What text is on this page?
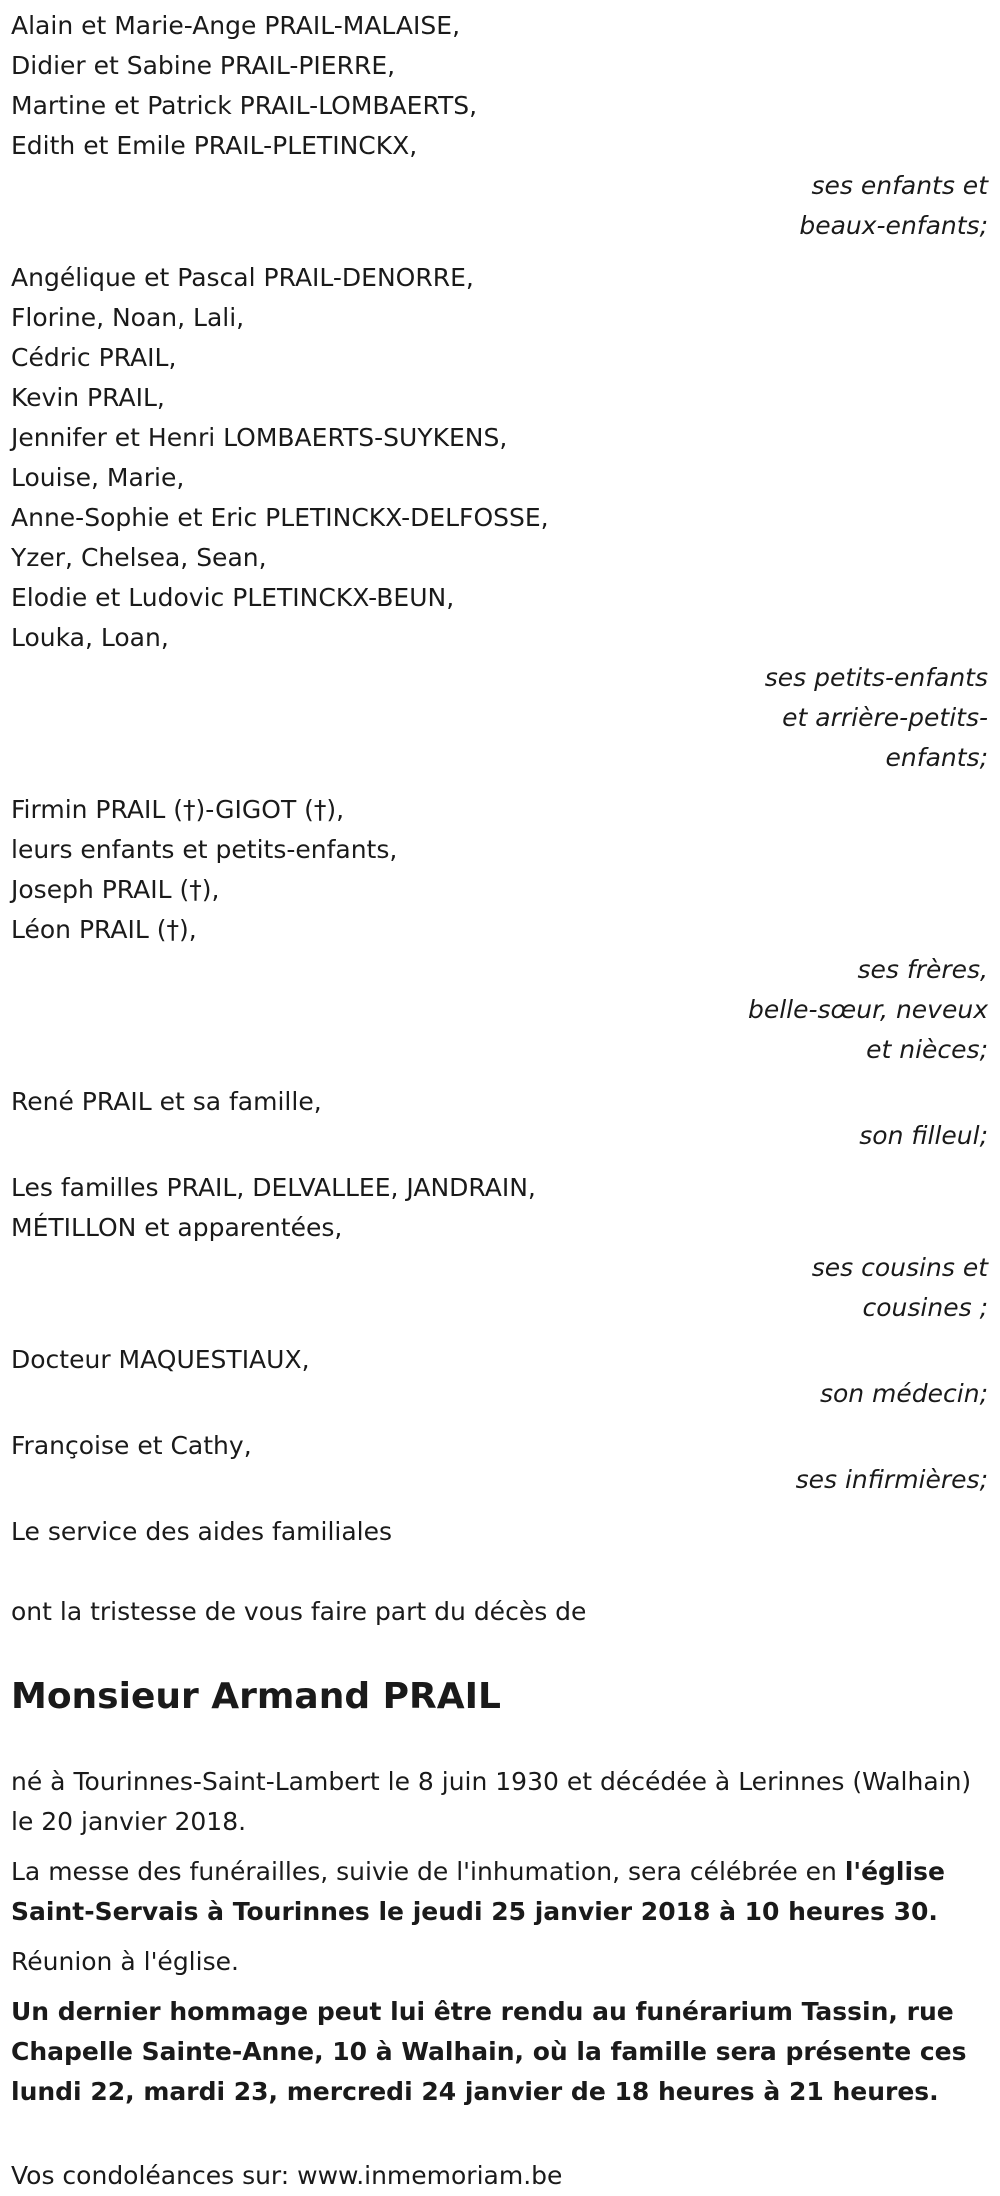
Alain et Marie-Ange PRAIL-MALAISE,
Didier et Sabine PRAIL-PIERRE,
Martine et Patrick PRAIL-LOMBAERTS,
Edith et Emile PRAIL-PLETINCKX,
ses enfants et
beaux-enfants;
Angélique et Pascal PRAIL-DENORRE,
Florine, Noan, Lali,
Cédric PRAIL,
Kevin PRAIL,
Jennifer et Henri LOMBAERTS-SUYKENS,
Louise, Marie,
Anne-Sophie et Eric PLETINCKX-DELFOSSE,
Yzer, Chelsea, Sean,
Elodie et Ludovic PLETINCKX-BEUN,
Louka, Loan,
ses petits-enfants
et arrière-petits-
enfants;
Firmin PRAIL (†)-GIGOT (†),
leurs enfants et petits-enfants,
Joseph PRAIL (†),
Léon PRAIL (†),
ses frères,
belle-sœur, neveux
et nièces;
René PRAIL et sa famille,
son filleul;
Les familles PRAIL, DELVALLEE, JANDRAIN,
MÉTILLON et apparentées,
ses cousins et
cousines ;
Docteur MAQUESTIAUX,
son médecin;
Françoise et Cathy,
ses infirmières;
Le service des aides familiales
ont la tristesse de vous faire part du décès de
Monsieur Armand PRAIL
né à Tourinnes-Saint-Lambert le 8 juin 1930 et décédée à Lerinnes (Walhain) le 20 janvier 2018.
La messe des funérailles, suivie de l'inhumation, sera célébrée en l'église Saint-Servais à Tourinnes le jeudi 25 janvier 2018 à 10 heures 30.
Réunion à l'église.
Un dernier hommage peut lui être rendu au funérarium Tassin, rue Chapelle Sainte-Anne, 10 à Walhain, où la famille sera présente ces lundi 22, mardi 23, mercredi 24 janvier de 18 heures à 21 heures.
Vos condoléances sur: www.inmemoriam.be
